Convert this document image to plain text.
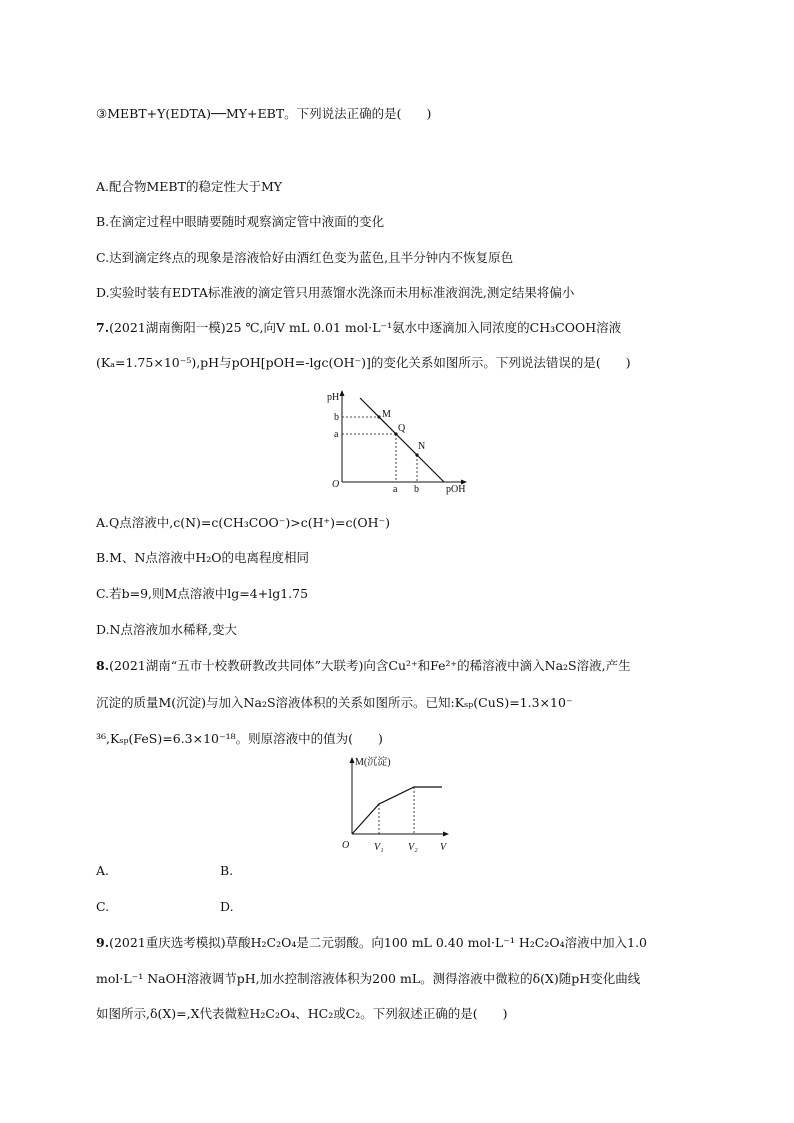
③MEBT+Y(EDTA)──MY+EBT。下列说法正确的是(　　)
A.配合物MEBT的稳定性大于MY
B.在滴定过程中眼睛要随时观察滴定管中液面的变化
C.达到滴定终点的现象是溶液恰好由酒红色变为蓝色,且半分钟内不恢复原色
D.实验时装有EDTA标准液的滴定管只用蒸馏水洗涤而未用标准液润洗,测定结果将偏小
7.(2021湖南衡阳一模)25 ℃,向V mL 0.01 mol·L⁻¹氨水中逐滴加入同浓度的CH₃COOH溶液
(Kₐ=1.75×10⁻⁵),pH与pOH[pOH=-lgc(OH⁻)]的变化关系如图所示。下列说法错误的是(　　)
pH
pOH
O
M
Q
N
b
a
a b
A.Q点溶液中,c(N)=c(CH₃COO⁻)>c(H⁺)=c(OH⁻)
B.M、N点溶液中H₂O的电离程度相同
C.若b=9,则M点溶液中lg=4+lg1.75
D.N点溶液加水稀释,变大
8.(2021湖南“五市十校教研教改共同体”大联考)向含Cu²⁺和Fe²⁺的稀溶液中滴入Na₂S溶液,产生
沉淀的质量M(沉淀)与加入Na₂S溶液体积的关系如图所示。已知:Kₛₚ(CuS)=1.3×10⁻
³⁶,Kₛₚ(FeS)=6.3×10⁻¹⁸。则原溶液中的值为(　　)
M(沉淀)
O V₁ V₂ V
A.	B.
C.	D.
9.(2021重庆选考模拟)草酸H₂C₂O₄是二元弱酸。向100 mL 0.40 mol·L⁻¹ H₂C₂O₄溶液中加入1.0
mol·L⁻¹ NaOH溶液调节pH,加水控制溶液体积为200 mL。测得溶液中微粒的δ(X)随pH变化曲线
如图所示,δ(X)=,X代表微粒H₂C₂O₄、HC₂或C₂。下列叙述正确的是(　　)
